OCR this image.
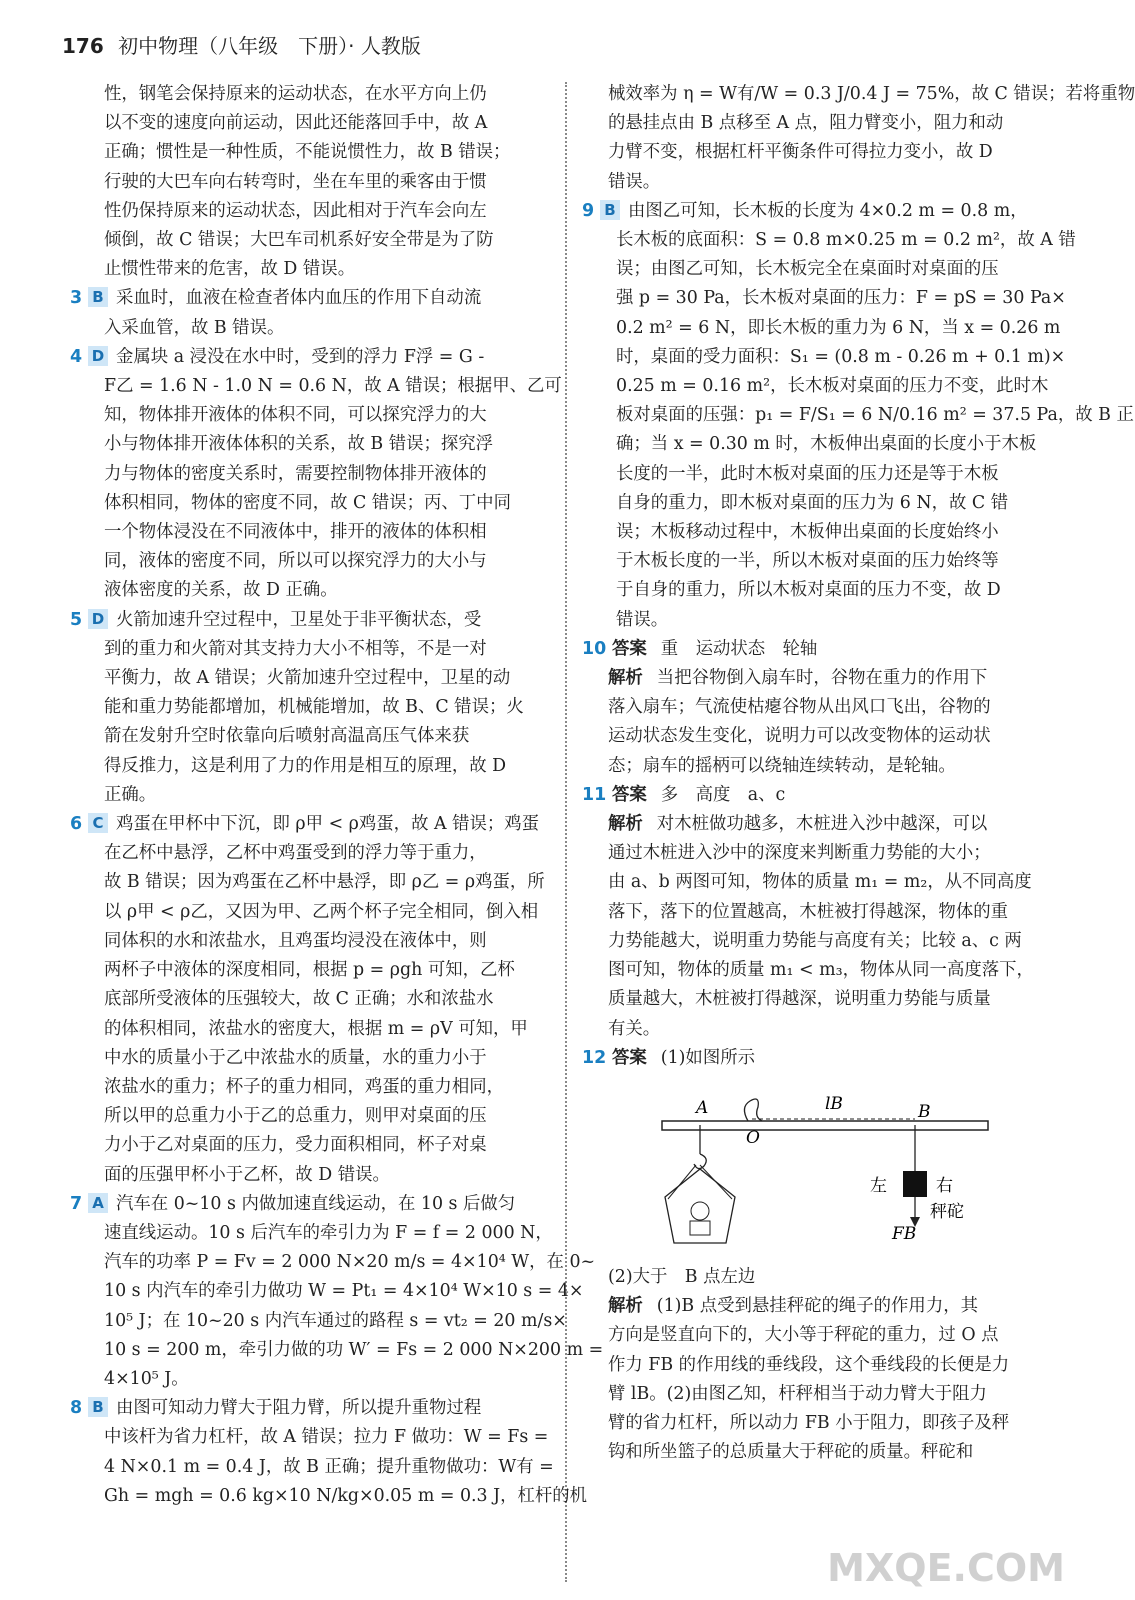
176 初中物理（八年级　下册）· 人教版
性，钢笔会保持原来的运动状态，在水平方向上仍
以不变的速度向前运动，因此还能落回手中，故 A
正确；惯性是一种性质，不能说惯性力，故 B 错误；
行驶的大巴车向右转弯时，坐在车里的乘客由于惯
性仍保持原来的运动状态，因此相对于汽车会向左
倾倒，故 C 错误；大巴车司机系好安全带是为了防
止惯性带来的危害，故 D 错误。
3 B 采血时，血液在检查者体内血压的作用下自动流
入采血管，故 B 错误。
4 D 金属块 a 浸没在水中时，受到的浮力 F浮 = G -
F乙 = 1.6 N - 1.0 N = 0.6 N，故 A 错误；根据甲、乙可
知，物体排开液体的体积不同，可以探究浮力的大
小与物体排开液体体积的关系，故 B 错误；探究浮
力与物体的密度关系时，需要控制物体排开液体的
体积相同，物体的密度不同，故 C 错误；丙、丁中同
一个物体浸没在不同液体中，排开的液体的体积相
同，液体的密度不同，所以可以探究浮力的大小与
液体密度的关系，故 D 正确。
5 D 火箭加速升空过程中，卫星处于非平衡状态，受
到的重力和火箭对其支持力大小不相等，不是一对
平衡力，故 A 错误；火箭加速升空过程中，卫星的动
能和重力势能都增加，机械能增加，故 B、C 错误；火
箭在发射升空时依靠向后喷射高温高压气体来获
得反推力，这是利用了力的作用是相互的原理，故 D
正确。
6 C 鸡蛋在甲杯中下沉，即 ρ甲 < ρ鸡蛋，故 A 错误；鸡蛋
在乙杯中悬浮，乙杯中鸡蛋受到的浮力等于重力，
故 B 错误；因为鸡蛋在乙杯中悬浮，即 ρ乙 = ρ鸡蛋，所
以 ρ甲 < ρ乙，又因为甲、乙两个杯子完全相同，倒入相
同体积的水和浓盐水，且鸡蛋均浸没在液体中，则
两杯子中液体的深度相同，根据 p = ρgh 可知，乙杯
底部所受液体的压强较大，故 C 正确；水和浓盐水
的体积相同，浓盐水的密度大，根据 m = ρV 可知，甲
中水的质量小于乙中浓盐水的质量，水的重力小于
浓盐水的重力；杯子的重力相同，鸡蛋的重力相同，
所以甲的总重力小于乙的总重力，则甲对桌面的压
力小于乙对桌面的压力，受力面积相同，杯子对桌
面的压强甲杯小于乙杯，故 D 错误。
7 A 汽车在 0~10 s 内做加速直线运动，在 10 s 后做匀
速直线运动。10 s 后汽车的牵引力为 F = f = 2 000 N，
汽车的功率 P = Fv = 2 000 N×20 m/s = 4×10⁴ W，在 0~
10 s 内汽车的牵引力做功 W = Pt₁ = 4×10⁴ W×10 s = 4×
10⁵ J；在 10~20 s 内汽车通过的路程 s = vt₂ = 20 m/s×
10 s = 200 m，牵引力做的功 W′ = Fs = 2 000 N×200 m =
4×10⁵ J。
8 B 由图可知动力臂大于阻力臂，所以提升重物过程
中该杆为省力杠杆，故 A 错误；拉力 F 做功：W = Fs =
4 N×0.1 m = 0.4 J，故 B 正确；提升重物做功：W有 =
Gh = mgh = 0.6 kg×10 N/kg×0.05 m = 0.3 J，杠杆的机
械效率为 η = W有/W = 0.3 J/0.4 J = 75%，故 C 错误；若将重物
的悬挂点由 B 点移至 A 点，阻力臂变小，阻力和动
力臂不变，根据杠杆平衡条件可得拉力变小，故 D
错误。
9 B 由图乙可知，长木板的长度为 4×0.2 m = 0.8 m，
长木板的底面积：S = 0.8 m×0.25 m = 0.2 m²，故 A 错
误；由图乙可知，长木板完全在桌面时对桌面的压
强 p = 30 Pa，长木板对桌面的压力：F = pS = 30 Pa×
0.2 m² = 6 N，即长木板的重力为 6 N，当 x = 0.26 m
时，桌面的受力面积：S₁ = (0.8 m - 0.26 m + 0.1 m)×
0.25 m = 0.16 m²，长木板对桌面的压力不变，此时木
板对桌面的压强：p₁ = F/S₁ = 6 N/0.16 m² = 37.5 Pa，故 B 正
确；当 x = 0.30 m 时，木板伸出桌面的长度小于木板
长度的一半，此时木板对桌面的压力还是等于木板
自身的重力，即木板对桌面的压力为 6 N，故 C 错
误；木板移动过程中，木板伸出桌面的长度始终小
于木板长度的一半，所以木板对桌面的压力始终等
于自身的重力，所以木板对桌面的压力不变，故 D
错误。
10 答案 重　运动状态　轮轴
解析 当把谷物倒入扇车时，谷物在重力的作用下
落入扇车；气流使枯瘪谷物从出风口飞出，谷物的
运动状态发生变化，说明力可以改变物体的运动状
态；扇车的摇柄可以绕轴连续转动，是轮轴。
11 答案 多　高度　a、c
解析 对木桩做功越多，木桩进入沙中越深，可以
通过木桩进入沙中的深度来判断重力势能的大小；
由 a、b 两图可知，物体的质量 m₁ = m₂，从不同高度
落下，落下的位置越高，木桩被打得越深，物体的重
力势能越大，说明重力势能与高度有关；比较 a、c 两
图可知，物体的质量 m₁ < m₃，物体从同一高度落下，
质量越大，木桩被打得越深，说明重力势能与质量
有关。
12 答案 (1)如图所示
A
O
B
lB
左	右
秤砣
FB
(2)大于　B 点左边
解析 (1)B 点受到悬挂秤砣的绳子的作用力，其
方向是竖直向下的，大小等于秤砣的重力，过 O 点
作力 FB 的作用线的垂线段，这个垂线段的长便是力
臂 lB。(2)由图乙知，杆秤相当于动力臂大于阻力
臂的省力杠杆，所以动力 FB 小于阻力，即孩子及秤
钩和所坐篮子的总质量大于秤砣的质量。秤砣和
MXQE.COM
